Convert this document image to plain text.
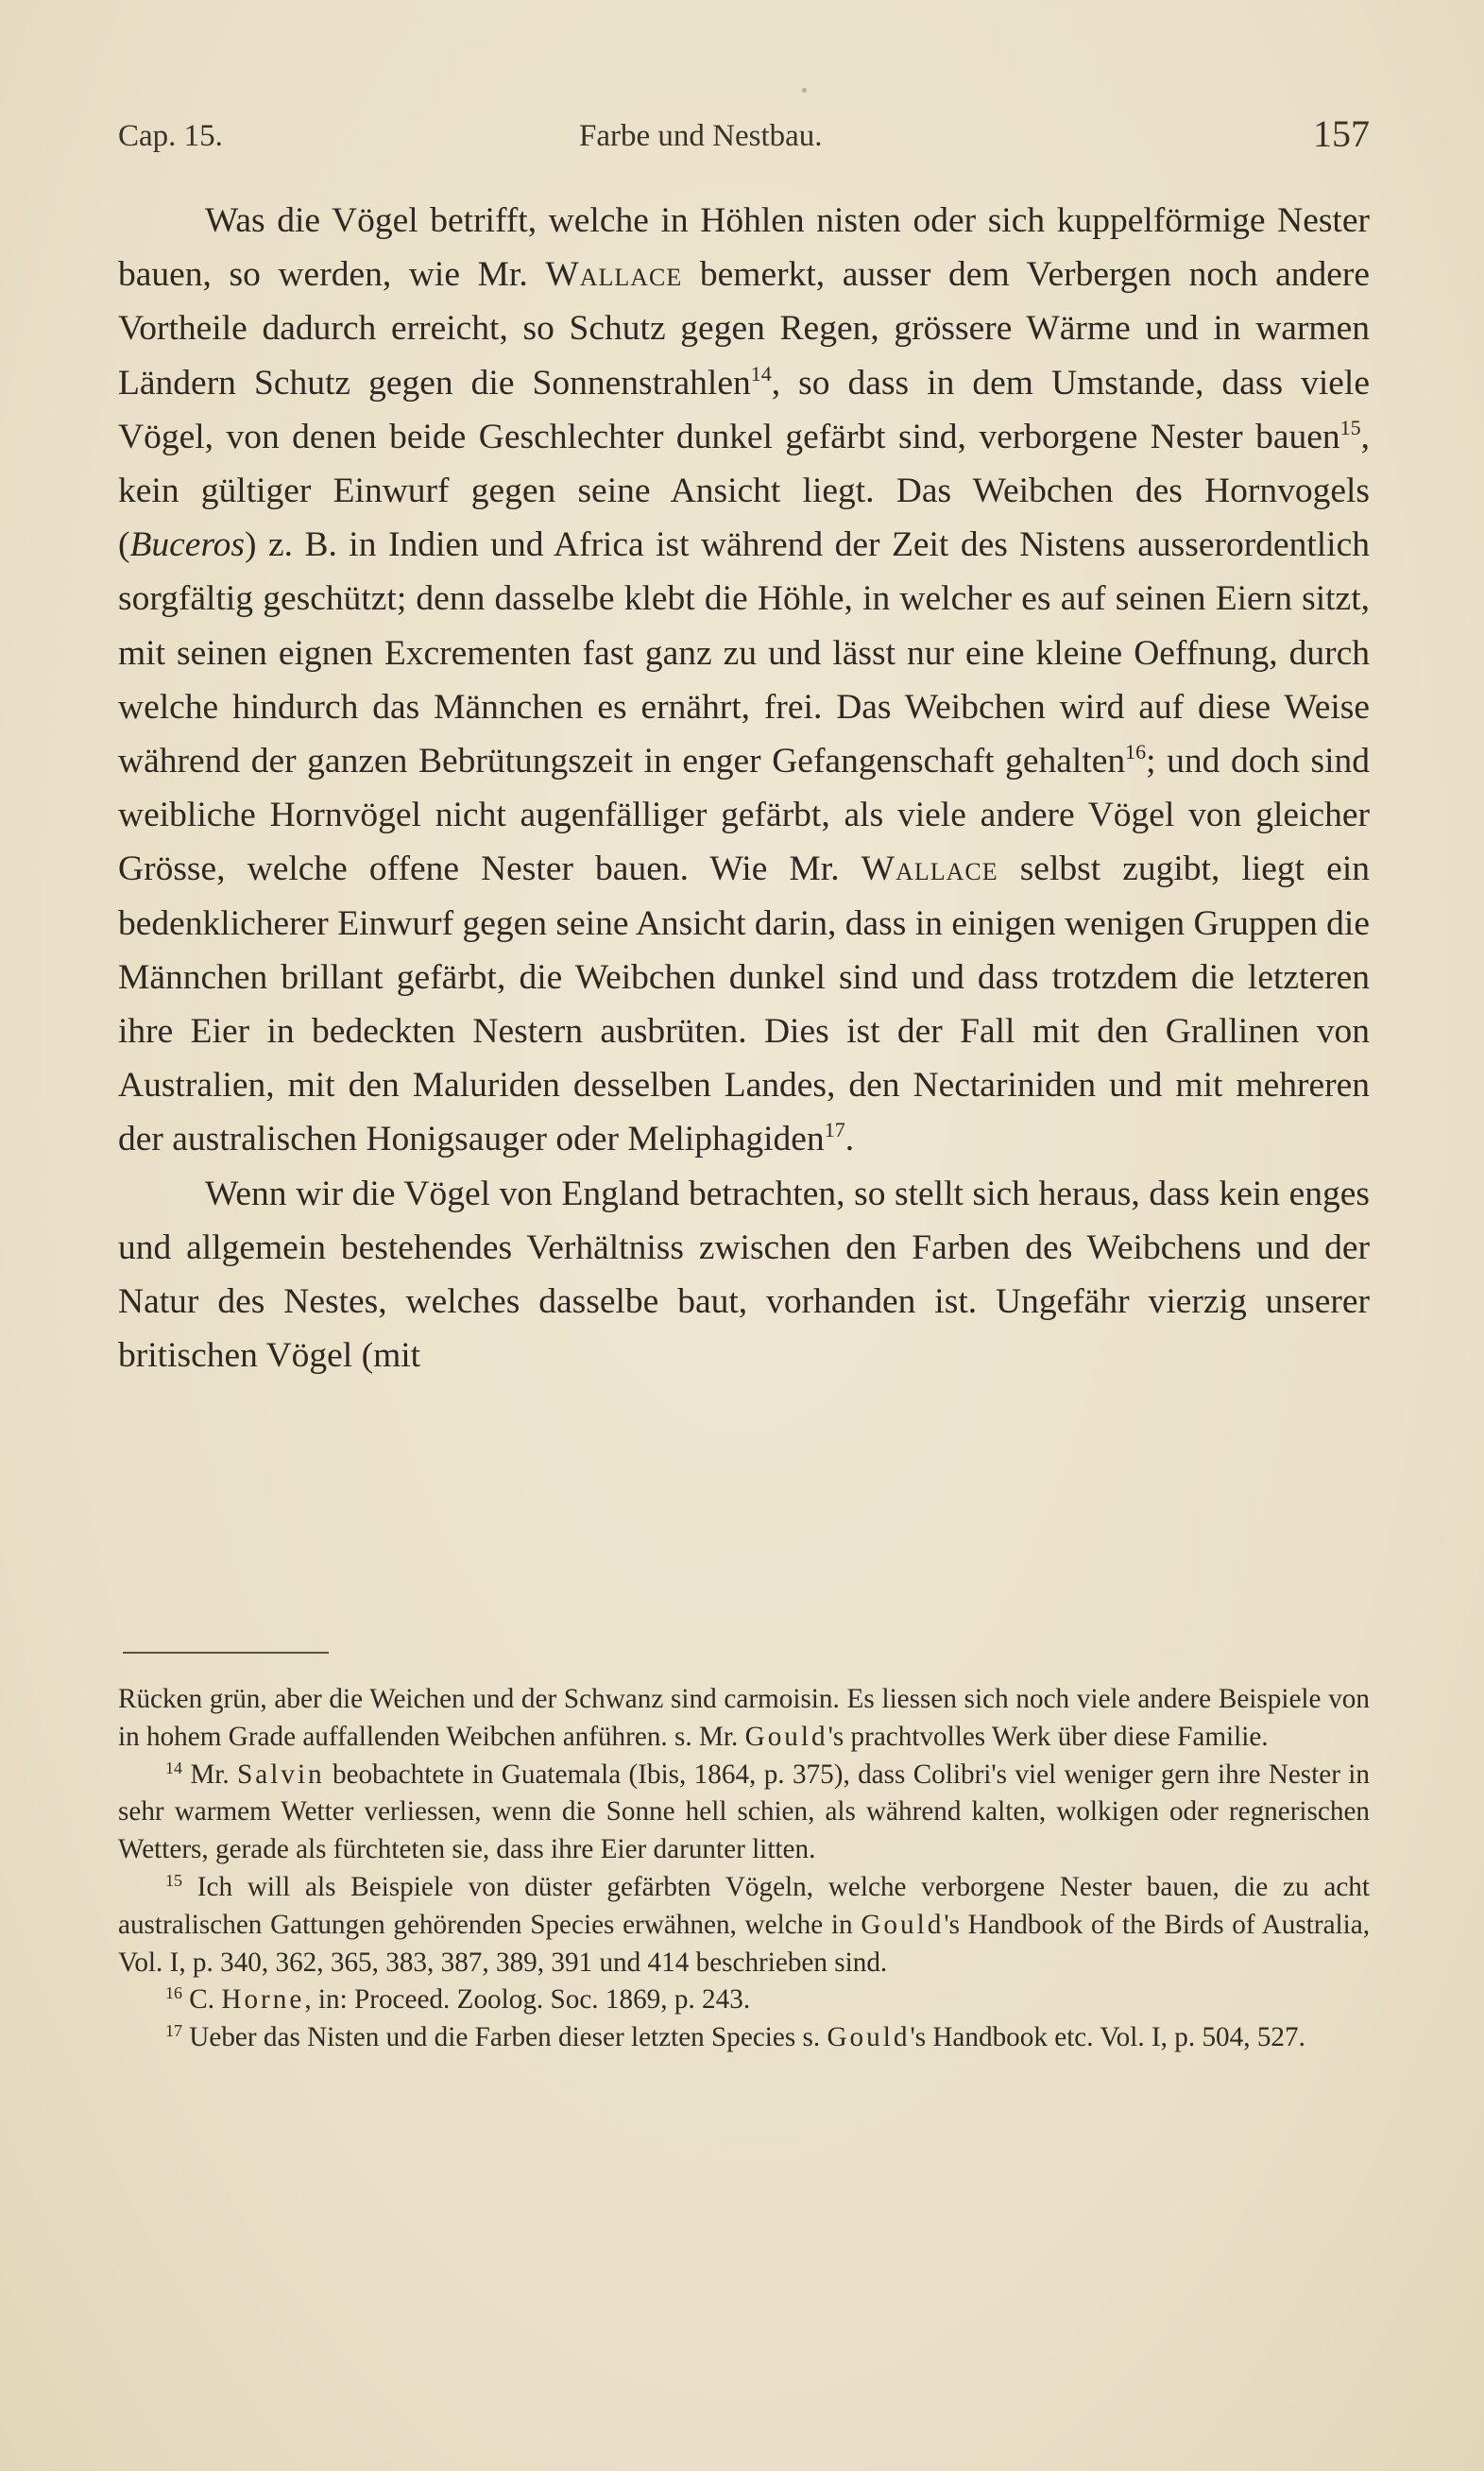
Cap. 15.	Farbe und Nestbau.	157

Was die Vögel betrifft, welche in Höhlen nisten oder sich kuppelförmige Nester bauen, so werden, wie Mr. Wallace bemerkt, ausser dem Verbergen noch andere Vortheile dadurch erreicht, so Schutz gegen Regen, grössere Wärme und in warmen Ländern Schutz gegen die Sonnenstrahlen$^{14}$, so dass in dem Umstande, dass viele Vögel, von denen beide Geschlechter dunkel gefärbt sind, verborgene Nester bauen$^{15}$, kein gültiger Einwurf gegen seine Ansicht liegt. Das Weibchen des Hornvogels (Buceros) z. B. in Indien und Africa ist während der Zeit des Nistens ausserordentlich sorgfältig geschützt; denn dasselbe klebt die Höhle, in welcher es auf seinen Eiern sitzt, mit seinen eignen Excrementen fast ganz zu und lässt nur eine kleine Oeffnung, durch welche hindurch das Männchen es ernährt, frei. Das Weibchen wird auf diese Weise während der ganzen Bebrütungszeit in enger Gefangenschaft gehalten$^{16}$; und doch sind weibliche Hornvögel nicht augenfälliger gefärbt, als viele andere Vögel von gleicher Grösse, welche offene Nester bauen. Wie Mr. Wallace selbst zugibt, liegt ein bedenklicherer Einwurf gegen seine Ansicht darin, dass in einigen wenigen Gruppen die Männchen brillant gefärbt, die Weibchen dunkel sind und dass trotzdem die letzteren ihre Eier in bedeckten Nestern ausbrüten. Dies ist der Fall mit den Grallinen von Australien, mit den Maluriden desselben Landes, den Nectariniden und mit mehreren der australischen Honigsauger oder Meliphagiden$^{17}$.

Wenn wir die Vögel von England betrachten, so stellt sich heraus, dass kein enges und allgemein bestehendes Verhältniss zwischen den Farben des Weibchens und der Natur des Nestes, welches dasselbe baut, vorhanden ist. Ungefähr vierzig unserer britischen Vögel (mit

Rücken grün, aber die Weichen und der Schwanz sind carmoisin. Es liessen sich noch viele andere Beispiele von in hohem Grade auffallenden Weibchen anführen. s. Mr. Gould's prachtvolles Werk über diese Familie.

$^{14}$ Mr. Salvin beobachtete in Guatemala (Ibis, 1864, p. 375), dass Colibri's viel weniger gern ihre Nester in sehr warmem Wetter verliessen, wenn die Sonne hell schien, als während kalten, wolkigen oder regnerischen Wetters, gerade als fürchteten sie, dass ihre Eier darunter litten.

$^{15}$ Ich will als Beispiele von düster gefärbten Vögeln, welche verborgene Nester bauen, die zu acht australischen Gattungen gehörenden Species erwähnen, welche in Gould's Handbook of the Birds of Australia, Vol. I, p. 340, 362, 365, 383, 387, 389, 391 und 414 beschrieben sind.

$^{16}$ C. Horne, in: Proceed. Zoolog. Soc. 1869, p. 243.

$^{17}$ Ueber das Nisten und die Farben dieser letzten Species s. Gould's Handbook etc. Vol. I, p. 504, 527.
